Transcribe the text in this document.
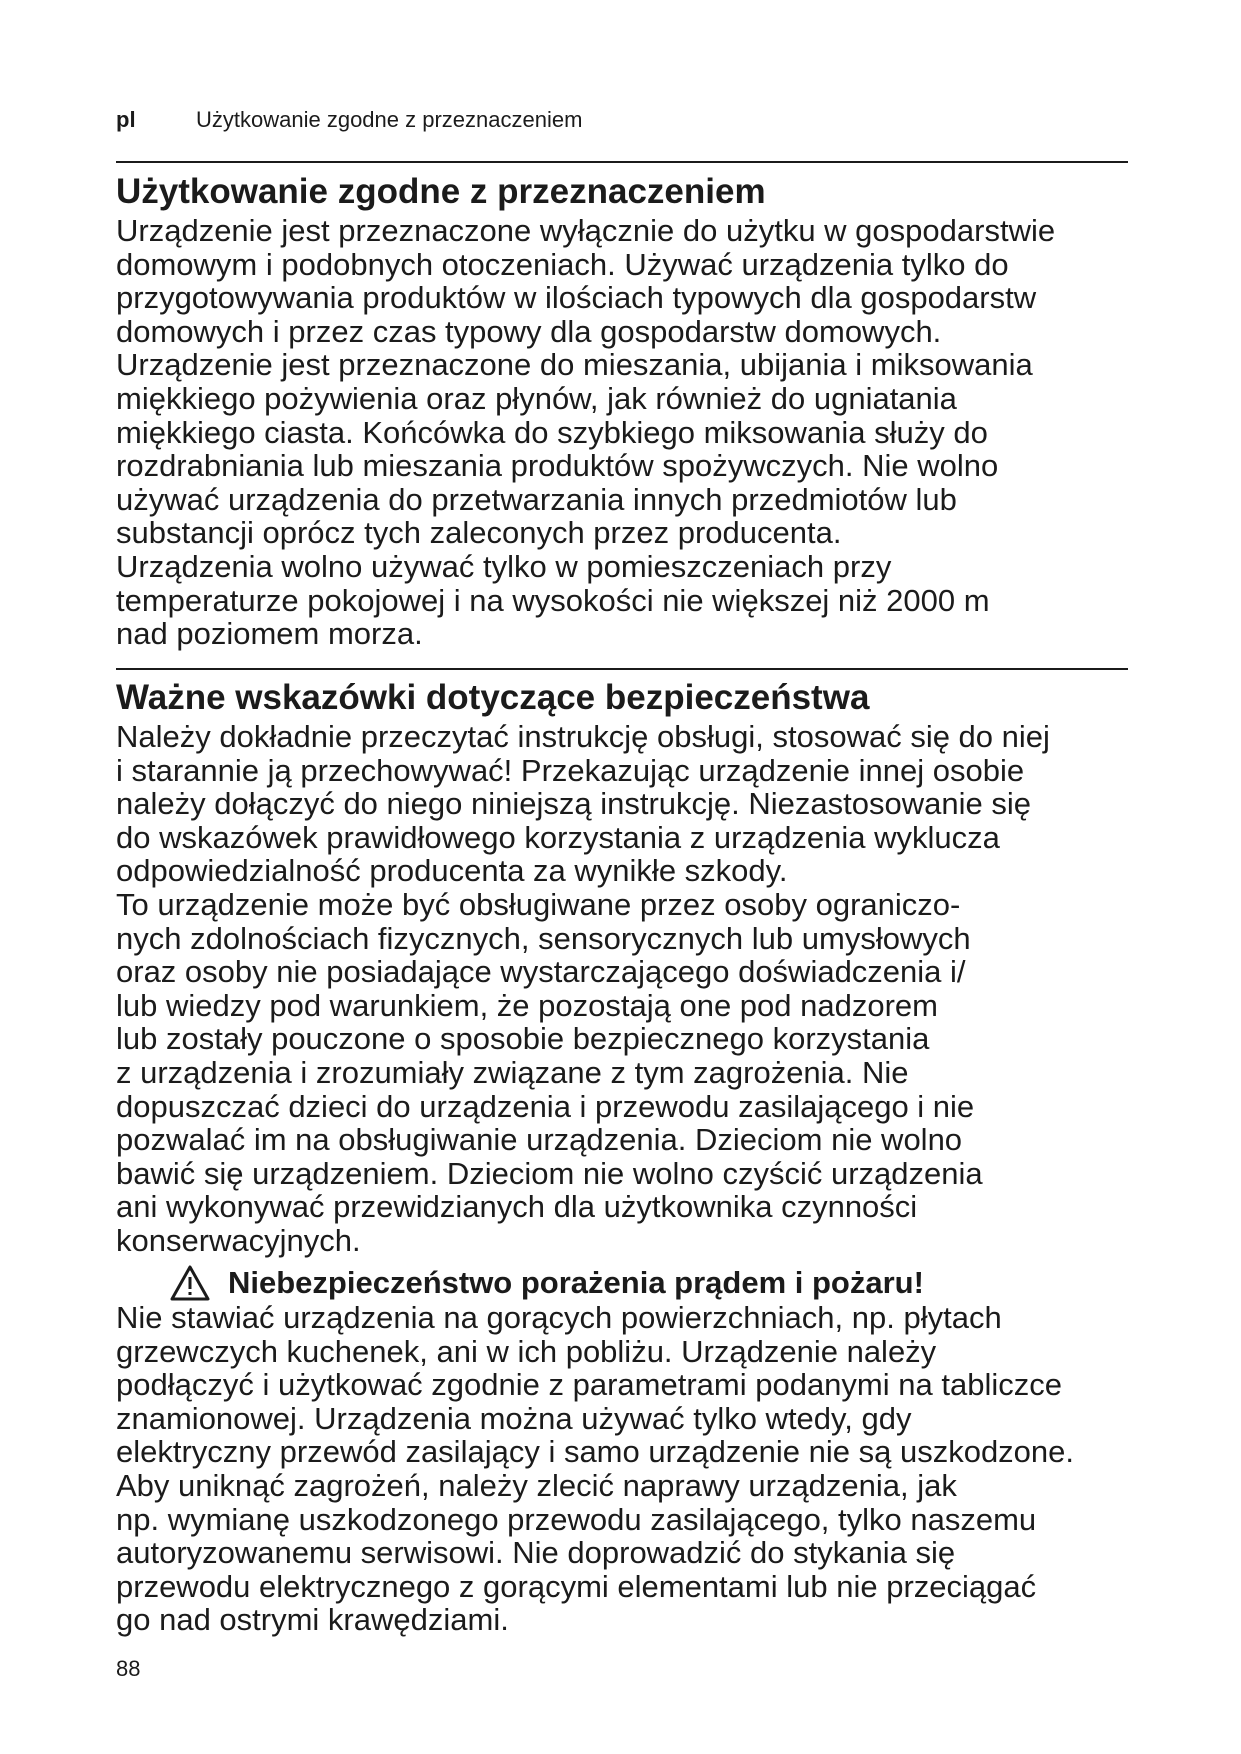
pl	Użytkowanie zgodne z przeznaczeniem
Użytkowanie zgodne z przeznaczeniem
Urządzenie jest przeznaczone wyłącznie do użytku w gospodarstwie
domowym i podobnych otoczeniach. Używać urządzenia tylko do
przygotowywania produktów w ilościach typowych dla gospodarstw
domowych i przez czas typowy dla gospodarstw domowych.
Urządzenie jest przeznaczone do mieszania, ubijania i miksowania
miękkiego pożywienia oraz płynów, jak również do ugniatania
miękkiego ciasta. Końcówka do szybkiego miksowania służy do
rozdrabniania lub mieszania produktów spożywczych. Nie wolno
używać urządzenia do przetwarzania innych przedmiotów lub
substancji oprócz tych zaleconych przez producenta.
Urządzenia wolno używać tylko w pomieszczeniach przy
temperaturze pokojowej i na wysokości nie większej niż 2000 m
nad poziomem morza.
Ważne wskazówki dotyczące bezpieczeństwa
Należy dokładnie przeczytać instrukcję obsługi, stosować się do niej
i starannie ją przechowywać! Przekazując urządzenie innej osobie
należy dołączyć do niego niniejszą instrukcję. Niezastosowanie się
do wskazówek prawidłowego korzystania z urządzenia wyklucza
odpowiedzialność producenta za wynikłe szkody.
To urządzenie może być obsługiwane przez osoby ograniczo-
nych zdolnościach fizycznych, sensorycznych lub umysłowych
oraz osoby nie posiadające wystarczającego doświadczenia i/
lub wiedzy pod warunkiem, że pozostają one pod nadzorem
lub zostały pouczone o sposobie bezpiecznego korzystania
z urządzenia i zrozumiały związane z tym zagrożenia. Nie
dopuszczać dzieci do urządzenia i przewodu zasilającego i nie
pozwalać im na obsługiwanie urządzenia. Dzieciom nie wolno
bawić się urządzeniem. Dzieciom nie wolno czyścić urządzenia
ani wykonywać przewidzianych dla użytkownika czynności
konserwacyjnych.
Niebezpieczeństwo porażenia prądem i pożaru!
Nie stawiać urządzenia na gorących powierzchniach, np. płytach
grzewczych kuchenek, ani w ich pobliżu. Urządzenie należy
podłączyć i użytkować zgodnie z parametrami podanymi na tabliczce
znamionowej. Urządzenia można używać tylko wtedy, gdy
elektryczny przewód zasilający i samo urządzenie nie są uszkodzone.
Aby uniknąć zagrożeń, należy zlecić naprawy urządzenia, jak
np. wymianę uszkodzonego przewodu zasilającego, tylko naszemu
autoryzowanemu serwisowi. Nie doprowadzić do stykania się
przewodu elektrycznego z gorącymi elementami lub nie przeciągać
go nad ostrymi krawędziami.
88
